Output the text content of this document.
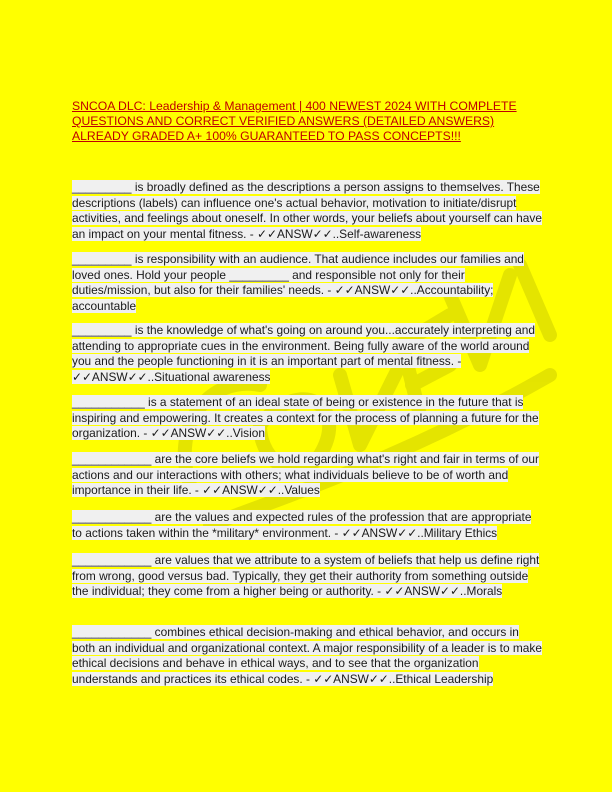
SNCOA DLC: Leadership & Management | 400 NEWEST 2024 WITH COMPLETE QUESTIONS AND CORRECT VERIFIED ANSWERS (DETAILED ANSWERS) ALREADY GRADED A+ 100% GUARANTEED TO PASS CONCEPTS!!!

_________ is broadly defined as the descriptions a person assigns to themselves. These descriptions (labels) can influence one's actual behavior, motivation to initiate/disrupt activities, and feelings about oneself. In other words, your beliefs about yourself can have an impact on your mental fitness. - ✓✓ANSW✓✓..Self-awareness

_________ is responsibility with an audience. That audience includes our families and loved ones. Hold your people _________ and responsible not only for their duties/mission, but also for their families' needs. - ✓✓ANSW✓✓..Accountability; accountable

_________ is the knowledge of what's going on around you...accurately interpreting and attending to appropriate cues in the environment. Being fully aware of the world around you and the people functioning in it is an important part of mental fitness. - ✓✓ANSW✓✓..Situational awareness

___________ is a statement of an ideal state of being or existence in the future that is inspiring and empowering. It creates a context for the process of planning a future for the organization. - ✓✓ANSW✓✓..Vision

____________ are the core beliefs we hold regarding what's right and fair in terms of our actions and our interactions with others; what individuals believe to be of worth and importance in their life. - ✓✓ANSW✓✓..Values

____________ are the values and expected rules of the profession that are appropriate to actions taken within the *military* environment. - ✓✓ANSW✓✓..Military Ethics

____________ are values that we attribute to a system of beliefs that help us define right from wrong, good versus bad. Typically, they get their authority from something outside the individual; they come from a higher being or authority. - ✓✓ANSW✓✓..Morals

____________ combines ethical decision-making and ethical behavior, and occurs in both an individual and organizational context. A major responsibility of a leader is to make ethical decisions and behave in ethical ways, and to see that the organization understands and practices its ethical codes. - ✓✓ANSW✓✓..Ethical Leadership
